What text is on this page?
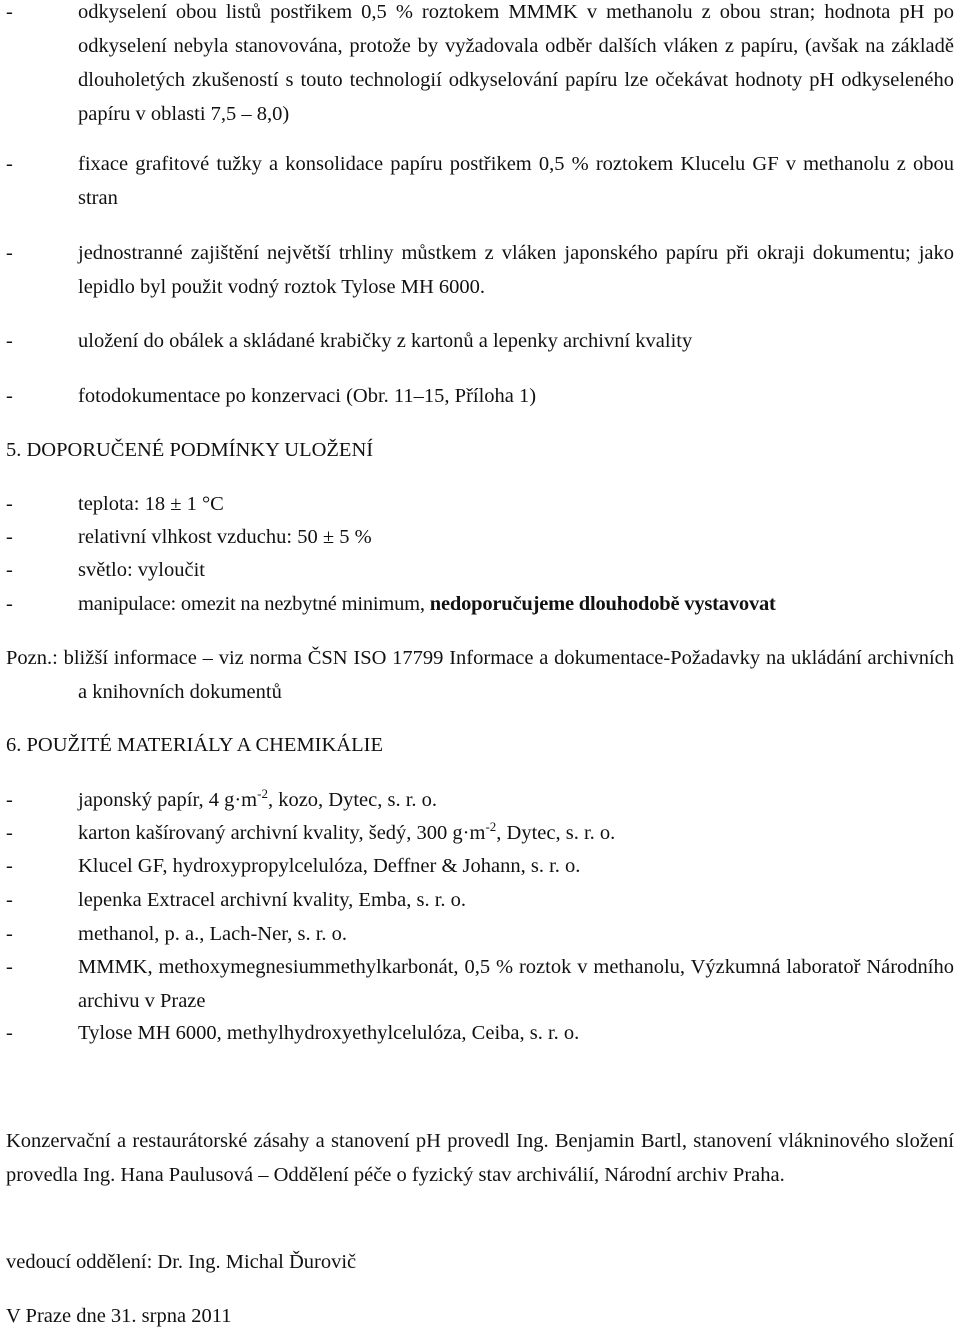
-	odkyselení obou listů postřikem 0,5 % roztokem MMMK v methanolu z obou stran; hodnota pH po odkyselení nebyla stanovována, protože by vyžadovala odběr dalších vláken z papíru, (avšak na základě dlouholetých zkušeností s touto technologií odkyselování papíru lze očekávat hodnoty pH odkyseleného papíru v oblasti 7,5 – 8,0)
-	fixace grafitové tužky a konsolidace papíru postřikem 0,5 % roztokem Klucelu GF v methanolu z obou stran
-	jednostranné zajištění největší trhliny můstkem z vláken japonského papíru při okraji dokumentu; jako lepidlo byl použit vodný roztok Tylose MH 6000.
-	uložení do obálek a skládané krabičky z kartonů a lepenky archivní kvality
-	fotodokumentace po konzervaci (Obr. 11–15, Příloha 1)
5. DOPORUČENÉ PODMÍNKY ULOŽENÍ
-	teplota: 18 ± 1 °C
-	relativní vlhkost vzduchu: 50 ± 5 %
-	světlo: vyloučit
-	manipulace: omezit na nezbytné minimum, nedoporučujeme dlouhodobě vystavovat
Pozn.: bližší informace – viz norma ČSN ISO 17799 Informace a dokumentace-Požadavky na ukládání archivních a knihovních dokumentů
6. POUŽITÉ MATERIÁLY A CHEMIKÁLIE
-	japonský papír, 4 $g\cdot m^{-2}$, kozo, Dytec, s. r. o.
-	karton kašírovaný archivní kvality, šedý, 300 $g\cdot m^{-2}$, Dytec, s. r. o.
-	Klucel GF, hydroxypropylcelulóza, Deffner & Johann, s. r. o.
-	lepenka Extracel archivní kvality, Emba, s. r. o.
-	methanol, p. a., Lach-Ner, s. r. o.
-	MMMK, methoxymegnesiummethylkarbonát, 0,5 % roztok v methanolu, Výzkumná laboratoř Národního archivu v Praze
-	Tylose MH 6000, methylhydroxyethylcelulóza, Ceiba, s. r. o.
Konzervační a restaurátorské zásahy a stanovení pH provedl Ing. Benjamin Bartl, stanovení vlákninového složení provedla Ing. Hana Paulusová – Oddělení péče o fyzický stav archiválií, Národní archiv Praha.
vedoucí oddělení: Dr. Ing. Michal Ďurovič
V Praze dne 31. srpna 2011
